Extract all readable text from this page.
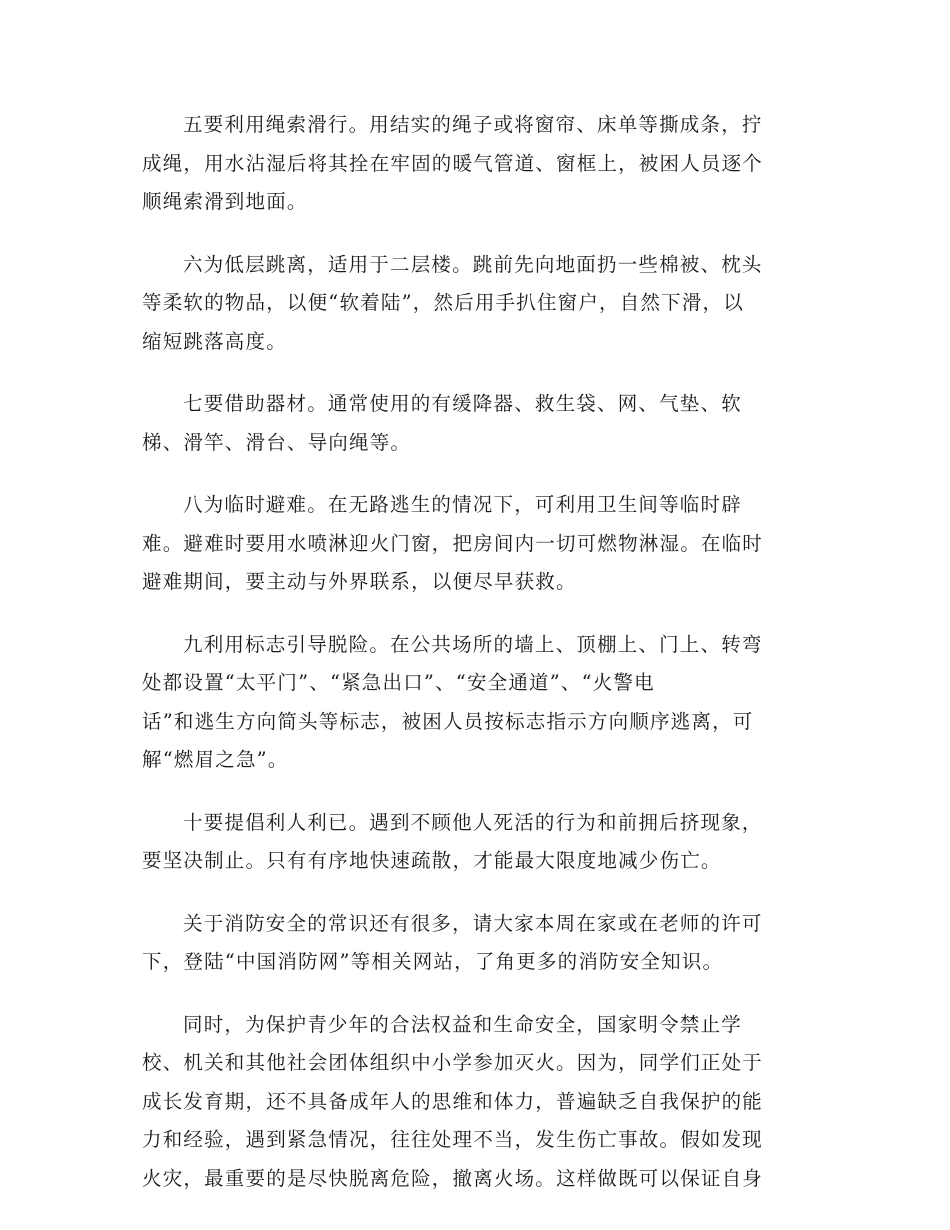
五要利用绳索滑行。用结实的绳子或将窗帘、床单等撕成条，拧
成绳，用水沾湿后将其拴在牢固的暖气管道、窗框上，被困人员逐个
顺绳索滑到地面。

六为低层跳离，适用于二层楼。跳前先向地面扔一些棉被、枕头
等柔软的物品，以便“软着陆”，然后用手扒住窗户，自然下滑，以
缩短跳落高度。

七要借助器材。通常使用的有缓降器、救生袋、网、气垫、软
梯、滑竿、滑台、导向绳等。

八为临时避难。在无路逃生的情况下，可利用卫生间等临时辟
难。避难时要用水喷淋迎火门窗，把房间内一切可燃物淋湿。在临时
避难期间，要主动与外界联系，以便尽早获救。

九利用标志引导脱险。在公共场所的墙上、顶棚上、门上、转弯
处都设置“太平门”、“紧急出口”、“安全通道”、“火警电
话”和逃生方向简头等标志，被困人员按标志指示方向顺序逃离，可
解“燃眉之急”。

十要提倡利人利已。遇到不顾他人死活的行为和前拥后挤现象，
要坚决制止。只有有序地快速疏散，才能最大限度地减少伤亡。

关于消防安全的常识还有很多，请大家本周在家或在老师的许可
下，登陆“中国消防网”等相关网站，了角更多的消防安全知识。

同时，为保护青少年的合法权益和生命安全，国家明令禁止学
校、机关和其他社会团体组织中小学参加灭火。因为，同学们正处于
成长发育期，还不具备成年人的思维和体力，普遍缺乏自我保护的能
力和经验，遇到紧急情况，往往处理不当，发生伤亡事故。假如发现
火灾，最重要的是尽快脱离危险，撤离火场。这样做既可以保证自身
